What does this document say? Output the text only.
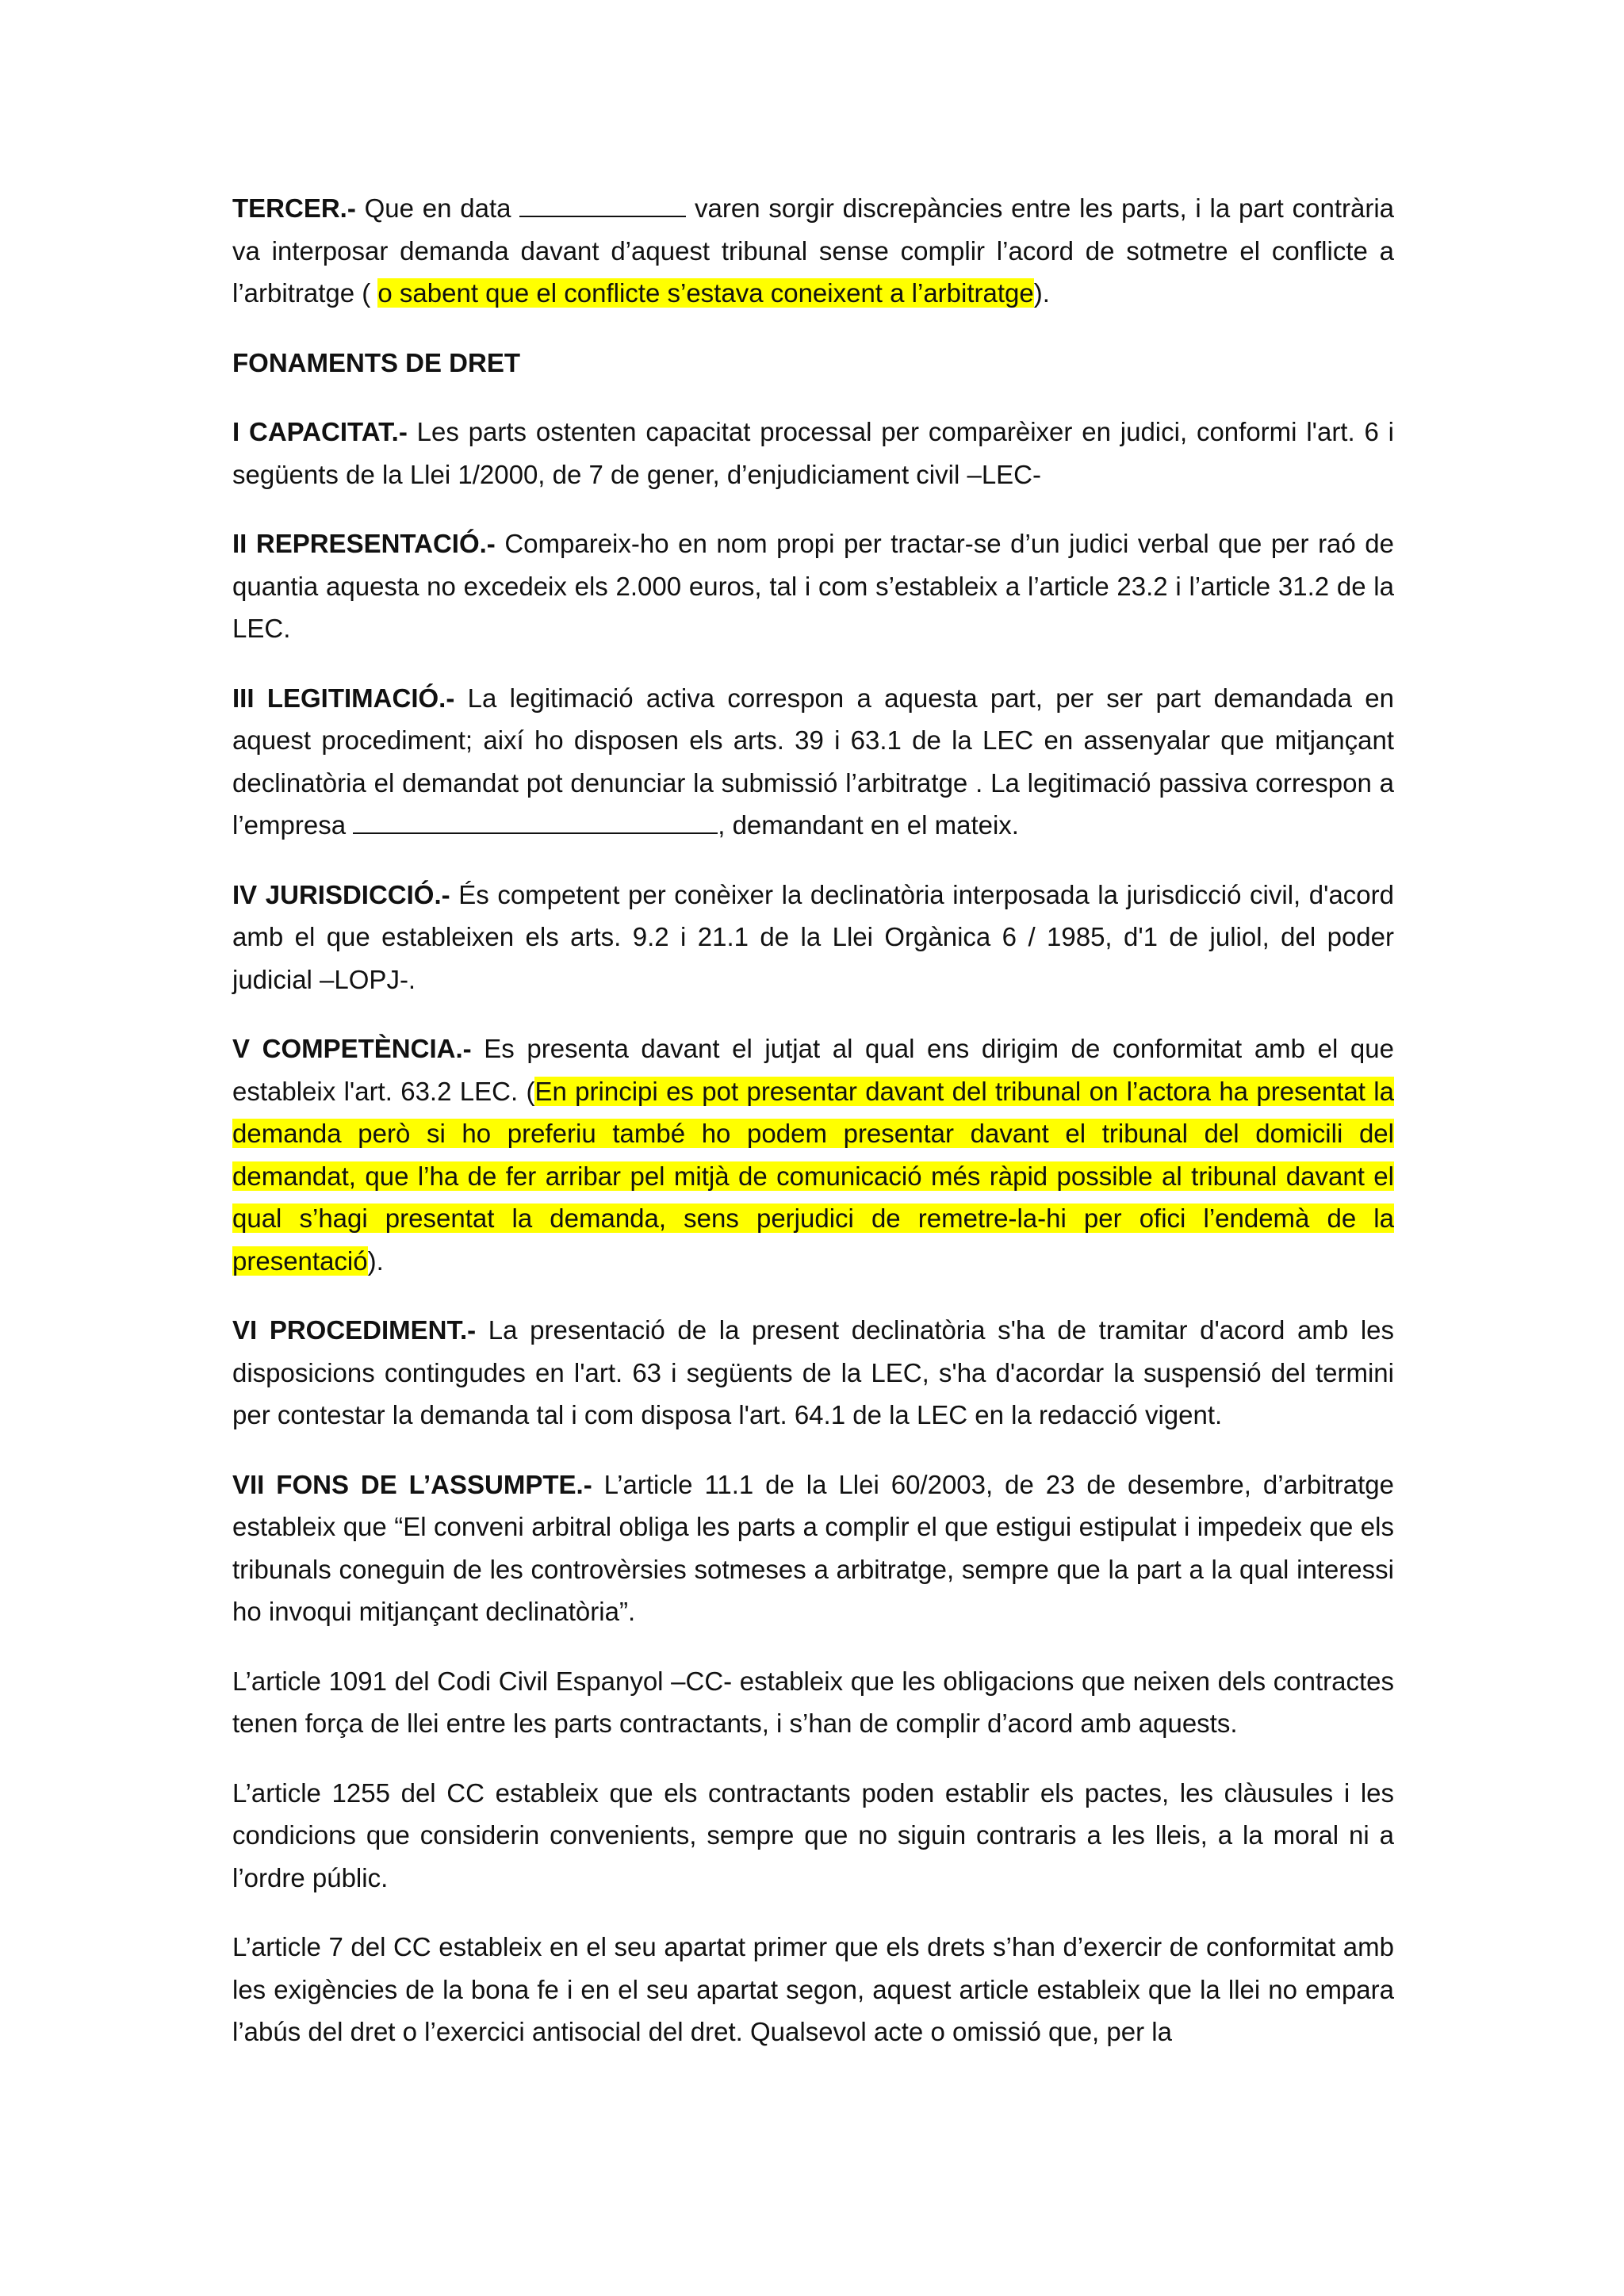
TERCER.- Que en data	varen sorgir discrepàncies entre les parts, i la part contrària va interposar demanda davant d’aquest tribunal sense complir l’acord de sotmetre el conflicte a l’arbitratge ( o sabent que el conflicte s’estava coneixent a l’arbitratge).

FONAMENTS DE DRET

I CAPACITAT.- Les parts ostenten capacitat processal per comparèixer en judici, conformi l'art. 6 i següents de la Llei 1/2000, de 7 de gener, d’enjudiciament civil –LEC-

II REPRESENTACIÓ.- Compareix-ho en nom propi per tractar-se d’un judici verbal que per raó de quantia aquesta no excedeix els 2.000 euros, tal i com s’estableix a l’article 23.2 i l’article 31.2 de la LEC.

III LEGITIMACIÓ.- La legitimació activa correspon a aquesta part, per ser part demandada en aquest procediment; així ho disposen els arts. 39 i 63.1 de la LEC en assenyalar que mitjançant declinatòria el demandat pot denunciar la submissió l’arbitratge . La legitimació passiva correspon a l’empresa	, demandant en el mateix.

IV JURISDICCIÓ.- És competent per conèixer la declinatòria interposada la jurisdicció civil, d'acord amb el que estableixen els arts. 9.2 i 21.1 de la Llei Orgànica 6 / 1985, d'1 de juliol, del poder judicial –LOPJ-.

V COMPETÈNCIA.- Es presenta davant el jutjat al qual ens dirigim de conformitat amb el que estableix l'art. 63.2 LEC. (En principi es pot presentar davant del tribunal on l’actora ha presentat la demanda però si ho preferiu també ho podem presentar davant el tribunal del domicili del demandat, que l’ha de fer arribar pel mitjà de comunicació més ràpid possible al tribunal davant el qual s’hagi presentat la demanda, sens perjudici de remetre-la-hi per ofici l’endemà de la presentació).

VI PROCEDIMENT.- La presentació de la present declinatòria s'ha de tramitar d'acord amb les disposicions contingudes en l'art. 63 i següents de la LEC, s'ha d'acordar la suspensió del termini per contestar la demanda tal i com disposa l'art. 64.1 de la LEC en la redacció vigent.

VII FONS DE L’ASSUMPTE.- L’article 11.1 de la Llei 60/2003, de 23 de desembre, d’arbitratge estableix que “El conveni arbitral obliga les parts a complir el que estigui estipulat i impedeix que els tribunals coneguin de les controvèrsies sotmeses a arbitratge, sempre que la part a la qual interessi ho invoqui mitjançant declinatòria”.

L’article 1091 del Codi Civil Espanyol –CC- estableix que les obligacions que neixen dels contractes tenen força de llei entre les parts contractants, i s’han de complir d’acord amb aquests.

L’article 1255 del CC estableix que els contractants poden establir els pactes, les clàusules i les condicions que considerin convenients, sempre que no siguin contraris a les lleis, a la moral ni a l’ordre públic.

L’article 7 del CC estableix en el seu apartat primer que els drets s’han d’exercir de conformitat amb les exigències de la bona fe i en el seu apartat segon, aquest article estableix que la llei no empara l’abús del dret o l’exercici antisocial del dret. Qualsevol acte o omissió que, per la
